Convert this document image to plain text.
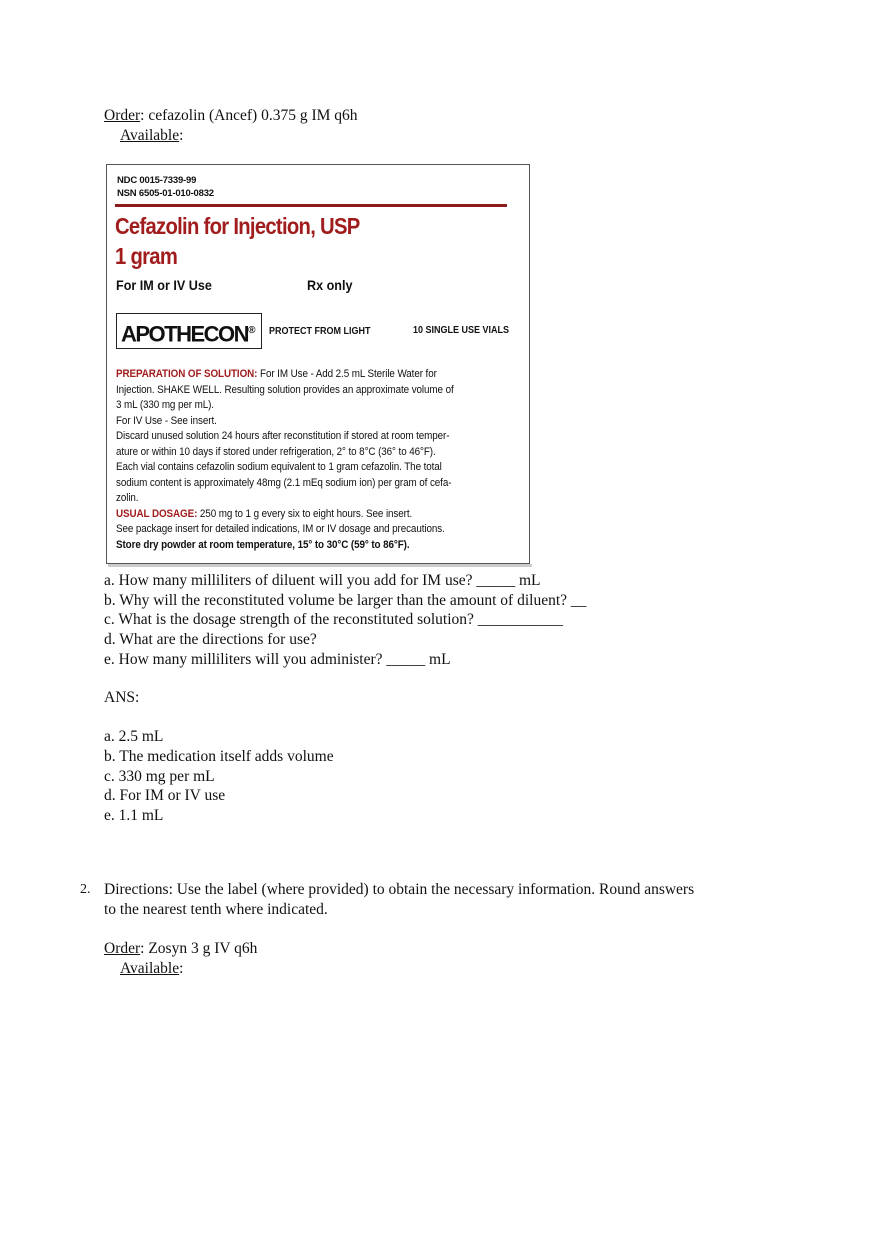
Order: cefazolin (Ancef) 0.375 g IM q6h
Available:
NDC 0015-7339-99
NSN 6505-01-010-0832
Cefazolin for Injection, USP
1 gram
For IM or IV Use	Rx only
APOTHECON®	PROTECT FROM LIGHT	10 SINGLE USE VIALS
PREPARATION OF SOLUTION: For IM Use - Add 2.5 mL Sterile Water for
Injection. SHAKE WELL. Resulting solution provides an approximate volume of
3 mL (330 mg per mL).
For IV Use - See insert.
Discard unused solution 24 hours after reconstitution if stored at room temper-
ature or within 10 days if stored under refrigeration, 2° to 8°C (36° to 46°F).
Each vial contains cefazolin sodium equivalent to 1 gram cefazolin. The total
sodium content is approximately 48mg (2.1 mEq sodium ion) per gram of cefa-
zolin.
USUAL DOSAGE: 250 mg to 1 g every six to eight hours. See insert.
See package insert for detailed indications, IM or IV dosage and precautions.
Store dry powder at room temperature, 15° to 30°C (59° to 86°F).
a. How many milliliters of diluent will you add for IM use? _____ mL
b. Why will the reconstituted volume be larger than the amount of diluent? __
c. What is the dosage strength of the reconstituted solution? ___________
d. What are the directions for use?
e. How many milliliters will you administer? _____ mL
ANS:
a. 2.5 mL
b. The medication itself adds volume
c. 330 mg per mL
d. For IM or IV use
e. 1.1 mL
2. Directions: Use the label (where provided) to obtain the necessary information. Round answers
to the nearest tenth where indicated.
Order: Zosyn 3 g IV q6h
Available:
